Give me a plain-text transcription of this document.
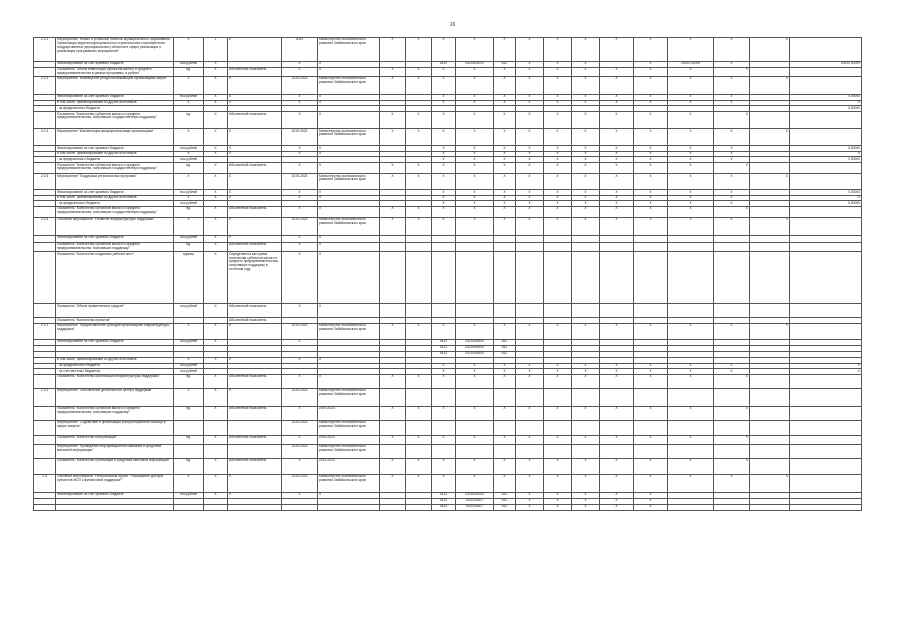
16
2.2.2	Мероприятие "Новые и успешные бизнесы муниципального образования. Организация ведения муниципального строительства и приобретения государственных (муниципальных) объектов в сфере реализации о реализации программных мероприятий"	X	1	X	2023	Министерство экономического развития Забайкальского края	X	X	X	X	X	X	X	X	X	X	X	X	X	
	Финансирование за счет краевого бюджета	тыс.рублей	X		X	X			0412	0320204010	612	X	X	X		X	20000,00000	X		20000,00000
	Показатель "Объем инвестиций субъектов малого и среднего предпринимательства в рамках программы, в рублях"	ед.	X	Абсолютный показатель	X	X	X	X	X	X	X	X	X	X	X	X	X	X		
2.2.3	Мероприятие "Возмещение ресурсоснабжающим организациям затрат"	X	X	X	2019-2023	Министерство экономического развития Забайкальского края	X	X	X	X	X	X	X	X	X	X	X	X	X	
	Финансирование за счет краевого бюджета	тыс.рублей	X	X	X	X			X	X	X	X	X	X	X	X	X	X		0,00000
	в том числе, финансирование из других источников	X	X	X	X	X			X	X	X	X	X	X	X	X	X	X		X
	- за федерального бюджета																			0,00000
	Показатель "Количество субъектов малого и среднего предпринимательства, получивших государственную поддержку"	ед.	X	Абсолютный показатель	X	X	X	X	X	X	X	X	X	X	X	X	X	X		
2.2.4	Мероприятие "Компенсация микрофинансовым организациям"	X	X	X	2019-2023	Министерство экономического развития Забайкальского края	X	X	X	X	X	X	X	X	X	X	X	X	X	
	Финансирование за счет краевого бюджета	тыс.рублей	X	X	X	X			X	X	X	X	X	X	X	X	X	X		0,00000
	в том числе, финансирование из других источников	X	X	X	X	X			X	X	X	X	X	X	X	X	X	X		X
	- за федерального бюджета	тыс.рублей							X	X	X	X	X	X	X	X	X	X		0,00000
	Показатель "Количество субъектов малого и среднего предпринимательства, получивших государственную поддержку"	ед.	X	Абсолютный показатель	X	X	X	X	X	X	X	X	X	X	X	X	X	X		
2.2.5	Мероприятие "Поддержка региональных программ"	X	X	X	2019-2023	Министерство экономического развития Забайкальского края	X	X	X	X	X	X	X	X	X	X	X	X	X	
	Финансирование за счет краевого бюджета	тыс.рублей	X	X	X	X			X	X	X	X	X	X	X	X	X	X		0,00000
	в том числе, финансирование из других источников	X	X	X	X	X			X	X	X	X	X	X	X	X	X	X		X
	- за федерального бюджета	тыс.рублей							X	X	X	X	X	X	X	X	X	X		0,00000
	Показатель "Количество субъектов малого и среднего предпринимательства, получивших государственную поддержку"	ед.	X	Абсолютный показатель	X	X	X	X	X	X	X	X	X	X	X	X	X	X		
2.2.6	Основное мероприятие "Развитие инфраструктуры поддержки"	X	X	X	2019-2023	Министерство экономического развития Забайкальского края	X	X	X	X	X	X	X	X	X	X	X	X	X	
	Финансирование за счет краевого бюджета	тыс.рублей	X	X	X	X														
	Показатель "Количество субъектов малого и среднего предпринимательства, получивших поддержку"	ед.	X	Абсолютный показатель	X	X														
	Показатель "Количество созданных рабочих мест"	единиц	X	Определяется как сумма количества субъектов малого и среднего предпринимательства, получивших поддержку в отчетном году	X	X														
	Показатель "Объем привлеченных средств"	тыс.рублей	X	Абсолютный показатель	X	X														
	Показатель "Количество проектов"			Абсолютный показатель																
2.3.1	Мероприятие "Предоставление субсидий организациям инфраструктуры поддержки"	X	X	X	2019-2023	Министерство экономического развития Забайкальского края	X	X	X	X	X	X	X	X	X	X	X	X	X	
	Финансирование за счет краевого бюджета	тыс.рублей	X		X				0412	0320205500	611									
									0412	0320205500	611									
									0412	0320205500	612									
	в том числе, финансирование из других источников	X	X	X	X	X														
	- за федерального бюджета	тыс.рублей							X	X	X	X	X	X	X	X	X	X		X
	- за счет местных бюджетов	тыс.рублей							X	X	X	X	X	X	X	X	X	X		X
	Показатель "Количество организаций инфраструктуры поддержки"	ед.	X	Абсолютный показатель	X	X	X	X	X	X	X	X	X	X	X	X	X	X		
2.3.2	Мероприятие "Обеспечение деятельности центра поддержки"	X	X	X	2019-2023	Министерство экономического развития Забайкальского края														
	Показатель "Количество субъектов малого и среднего предпринимательства, получивших поддержку"	ед.	X	Абсолютный показатель	X	2019-2023	X	X	X	X	X	X	X	X	X	X	X	X		
	Мероприятие "Содействие в организации консультационной помощи в сфере закупок"				2019-2023	Министерство экономического развития Забайкальского края														
	Показатель "Количество консультаций"	ед.	X	Абсолютный показатель	X	2019-2023	X	X	X	X	X	X	X	X	X	X	X	X		
	Мероприятие "Проведение информационной кампании в средствах массовой информации"				2019-2023	Министерство экономического развития Забайкальского края														
	Показатель "Количество публикаций в средствах массовой информации"	ед.	X	Абсолютный показатель	X	2019-2023	X	X	X	X	X	X	X	X	X	X	X	X		
2.4	Основное мероприятие "Региональный проект "Расширение доступа субъектов МСП к финансовой поддержке""	X	X	X	2019-2023	Министерство экономического развития Забайкальского края	X	X	X	X	X	X	X	X	X	X	X	X	X	
	Финансирование за счет краевого бюджета	тыс.рублей	X	X	X	X			0412	0320205000	612	X	X	X	X	X				
									0412	03202I5527	612	X	X	X	X	X				
									0412	03202I5527	612	X	X	X	X	X				
